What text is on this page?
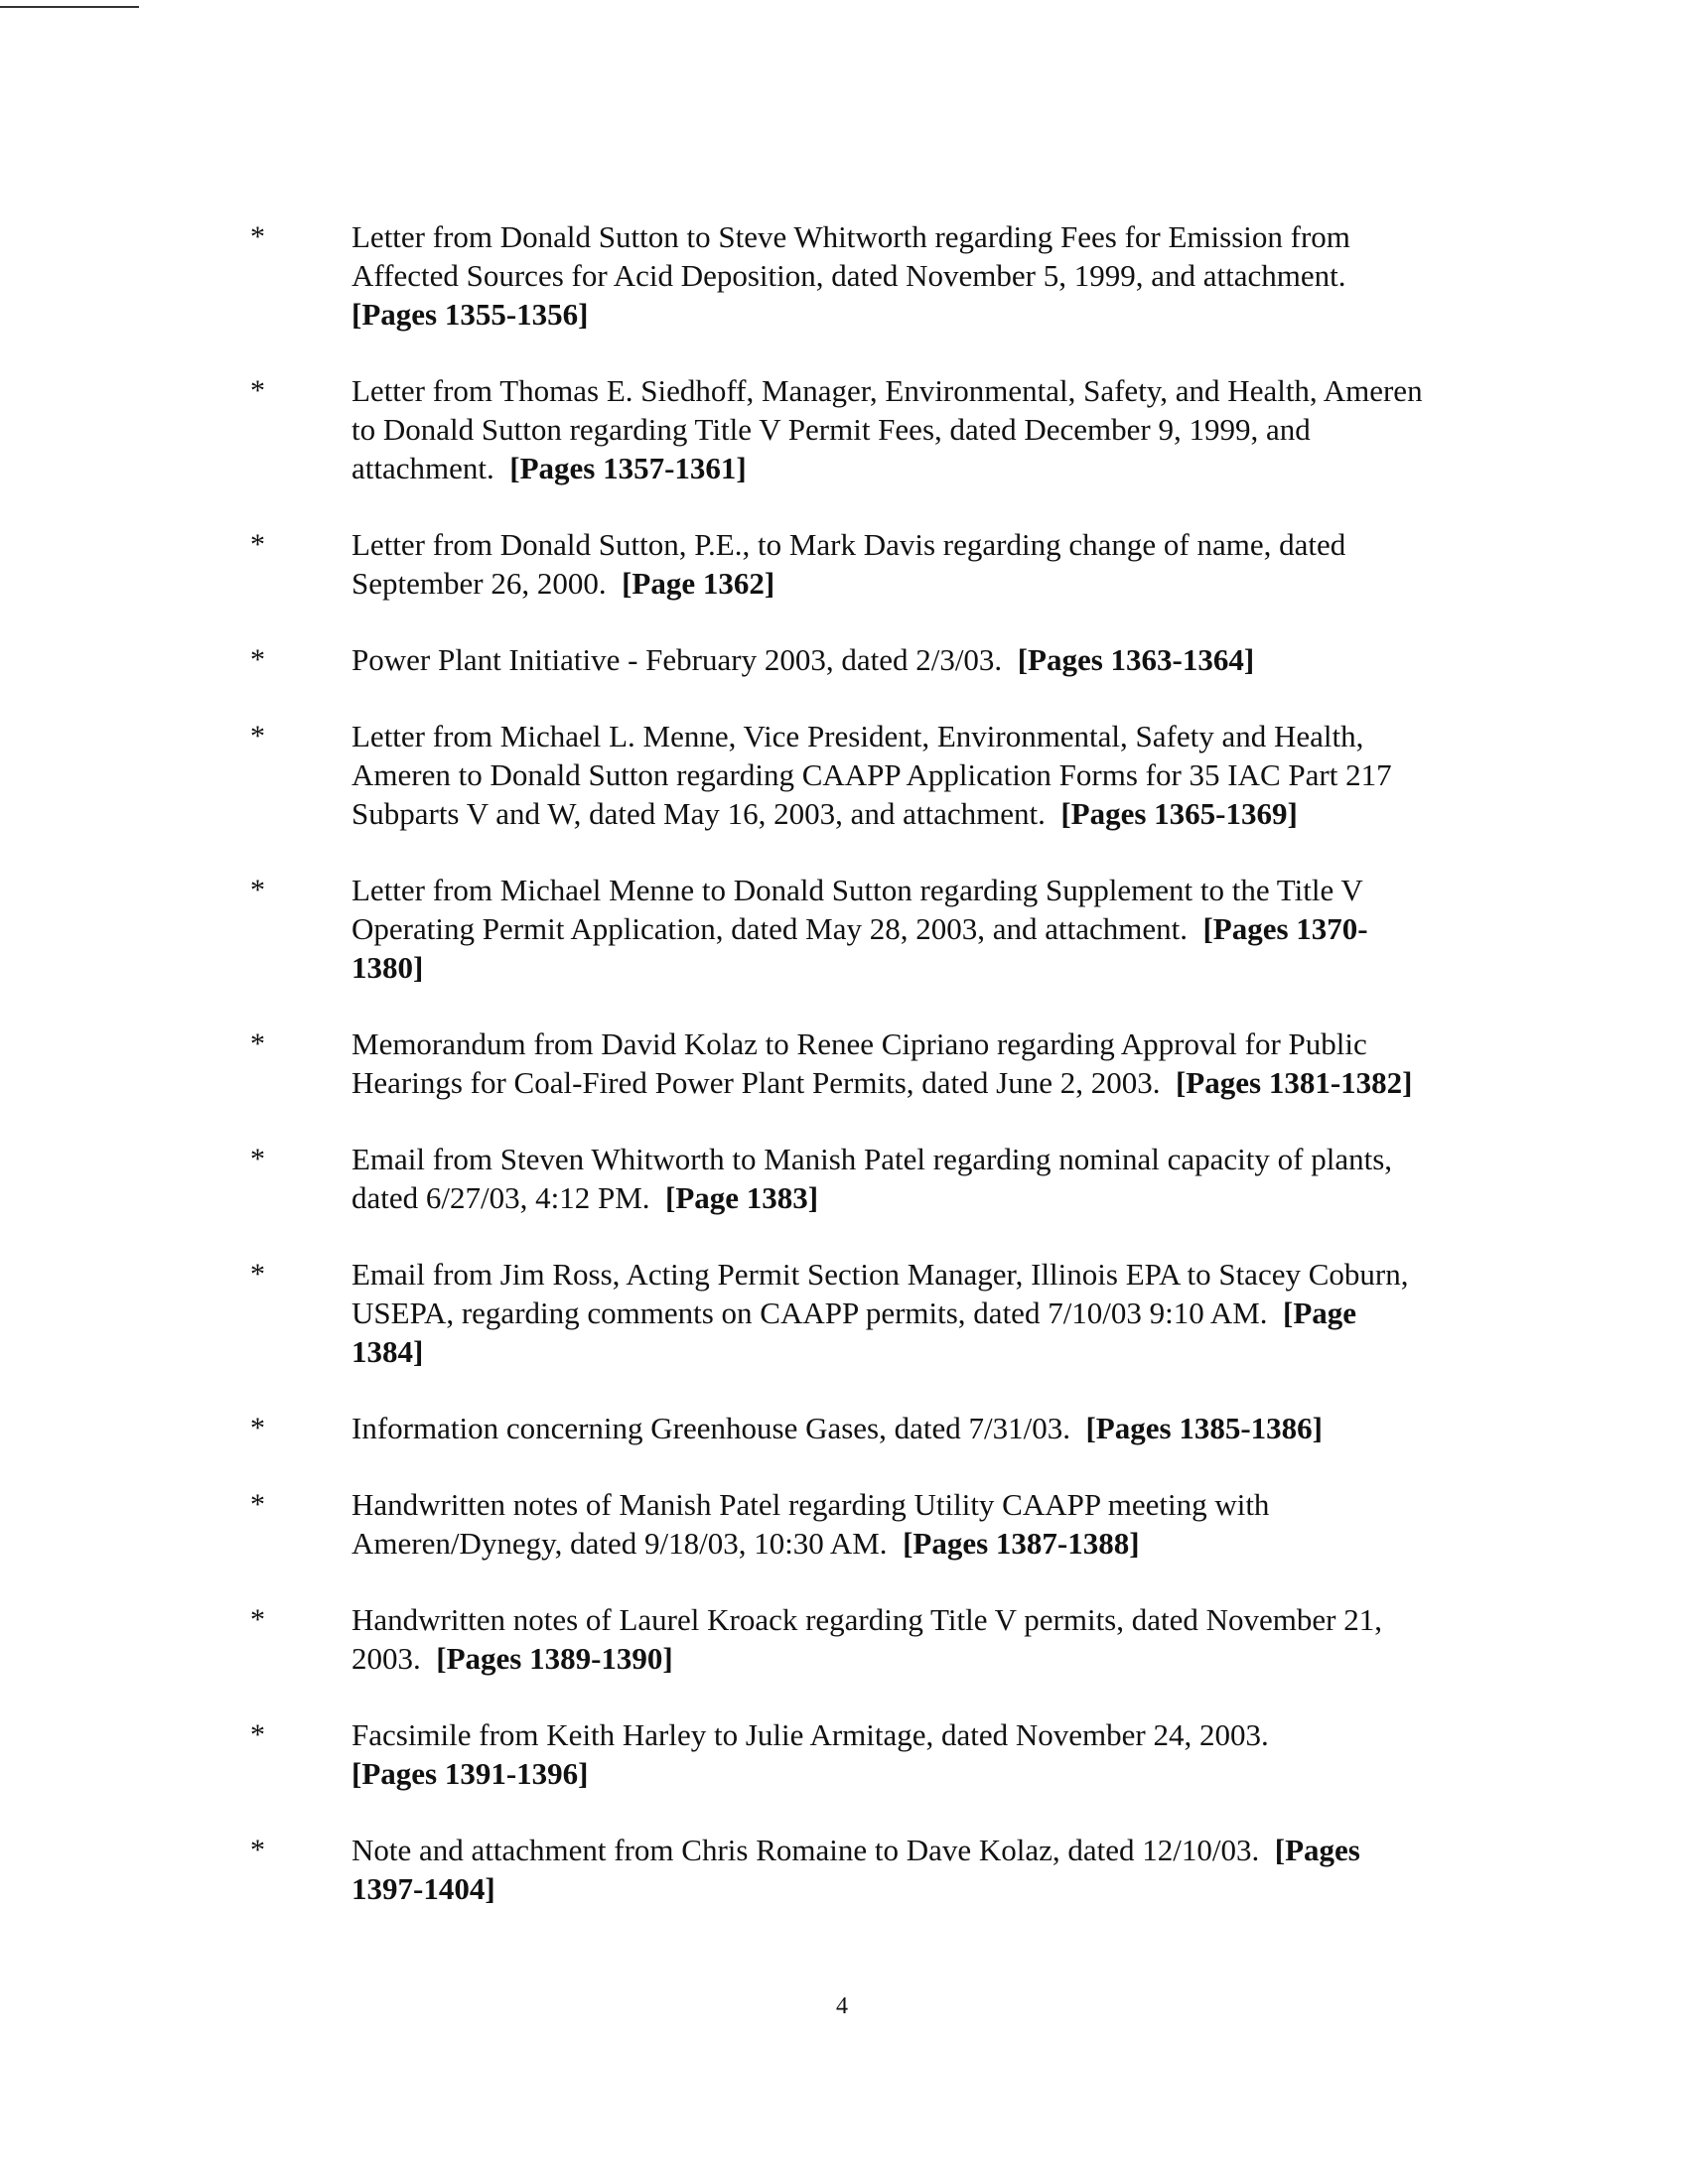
*	Letter from Donald Sutton to Steve Whitworth regarding Fees for Emission from Affected Sources for Acid Deposition, dated November 5, 1999, and attachment.
[Pages 1355-1356]
*	Letter from Thomas E. Siedhoff, Manager, Environmental, Safety, and Health, Ameren to Donald Sutton regarding Title V Permit Fees, dated December 9, 1999, and attachment. [Pages 1357-1361]
*	Letter from Donald Sutton, P.E., to Mark Davis regarding change of name, dated September 26, 2000. [Page 1362]
*	Power Plant Initiative - February 2003, dated 2/3/03. [Pages 1363-1364]
*	Letter from Michael L. Menne, Vice President, Environmental, Safety and Health, Ameren to Donald Sutton regarding CAAPP Application Forms for 35 IAC Part 217 Subparts V and W, dated May 16, 2003, and attachment. [Pages 1365-1369]
*	Letter from Michael Menne to Donald Sutton regarding Supplement to the Title V Operating Permit Application, dated May 28, 2003, and attachment. [Pages 1370-1380]
*	Memorandum from David Kolaz to Renee Cipriano regarding Approval for Public Hearings for Coal-Fired Power Plant Permits, dated June 2, 2003. [Pages 1381-1382]
*	Email from Steven Whitworth to Manish Patel regarding nominal capacity of plants, dated 6/27/03, 4:12 PM. [Page 1383]
*	Email from Jim Ross, Acting Permit Section Manager, Illinois EPA to Stacey Coburn, USEPA, regarding comments on CAAPP permits, dated 7/10/03 9:10 AM. [Page 1384]
*	Information concerning Greenhouse Gases, dated 7/31/03. [Pages 1385-1386]
*	Handwritten notes of Manish Patel regarding Utility CAAPP meeting with Ameren/Dynegy, dated 9/18/03, 10:30 AM. [Pages 1387-1388]
*	Handwritten notes of Laurel Kroack regarding Title V permits, dated November 21, 2003. [Pages 1389-1390]
*	Facsimile from Keith Harley to Julie Armitage, dated November 24, 2003.
[Pages 1391-1396]
*	Note and attachment from Chris Romaine to Dave Kolaz, dated 12/10/03. [Pages 1397-1404]
4
